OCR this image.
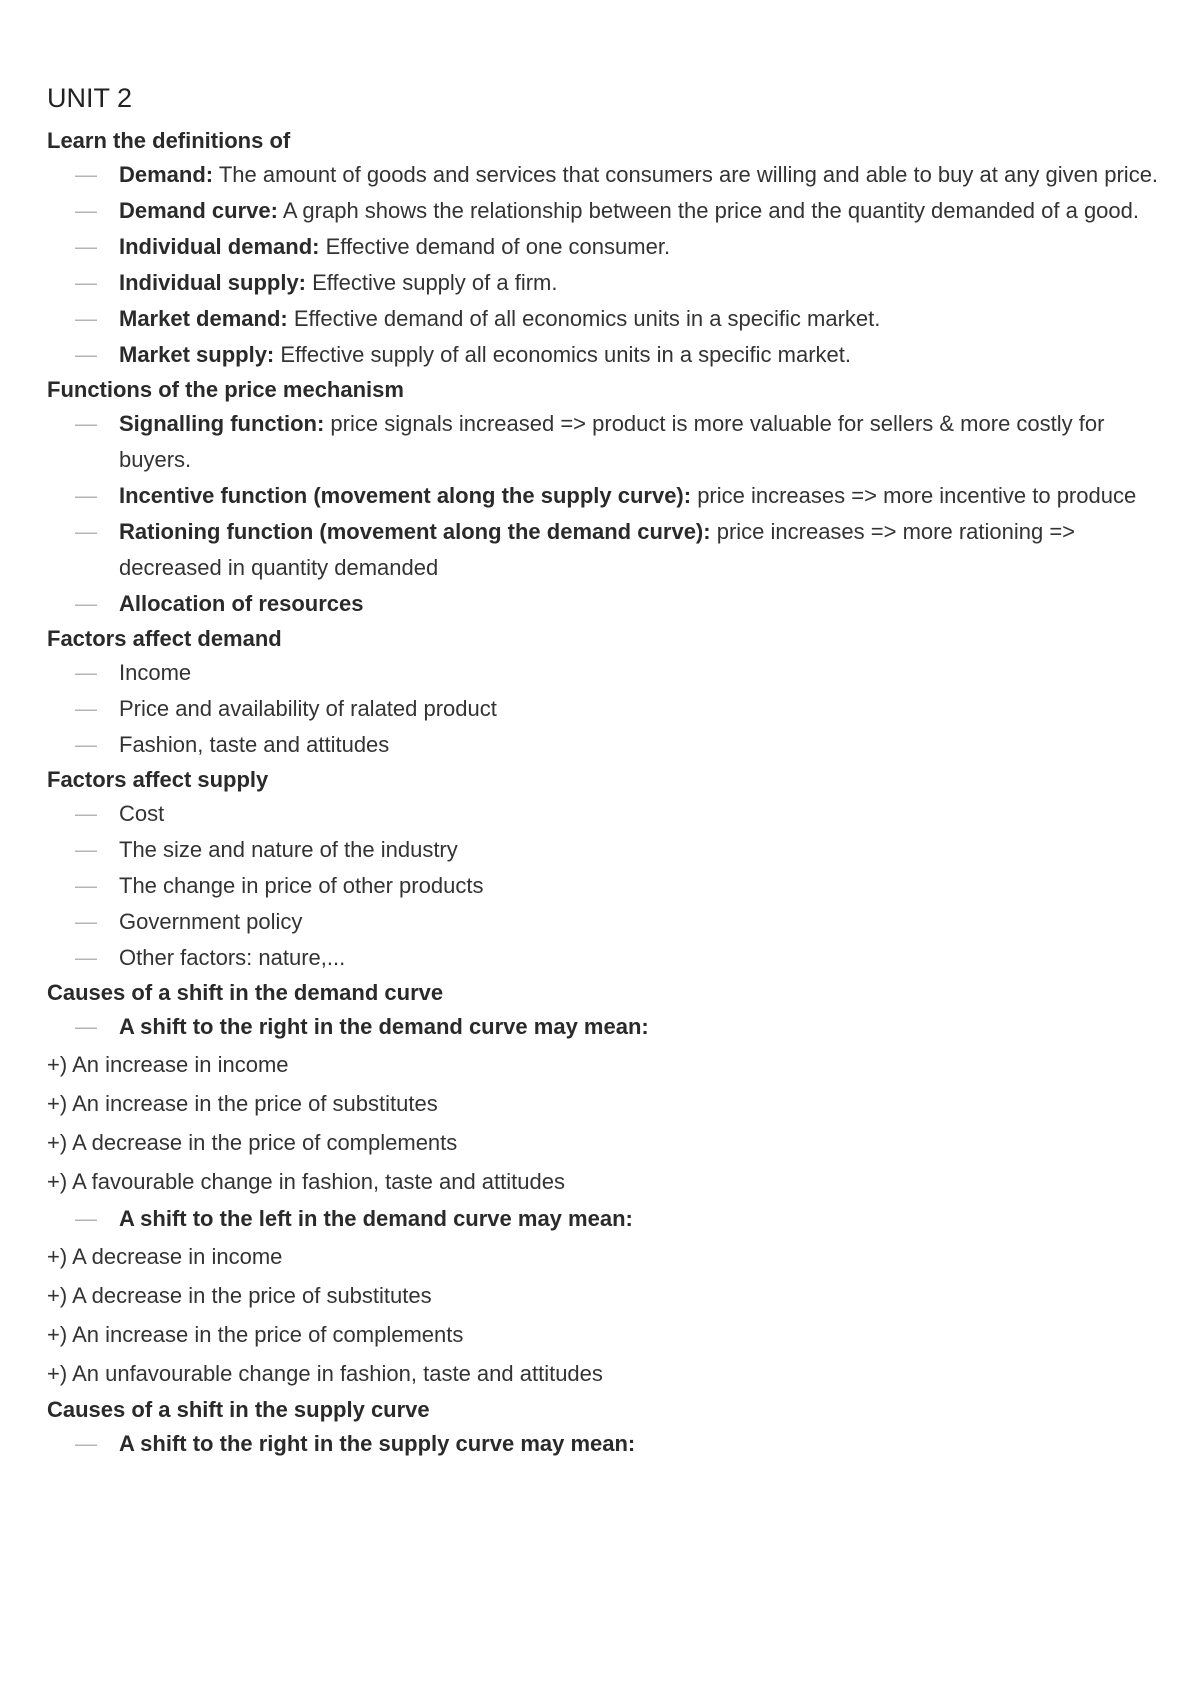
UNIT 2
Learn the definitions of
— Demand: The amount of goods and services that consumers are willing and able to buy at any given price.
— Demand curve: A graph shows the relationship between the price and the quantity demanded of a good.
— Individual demand: Effective demand of one consumer.
— Individual supply: Effective supply of a firm.
— Market demand: Effective demand of all economics units in a specific market.
— Market supply: Effective supply of all economics units in a specific market.
Functions of the price mechanism
— Signalling function: price signals increased => product is more valuable for sellers & more costly for buyers.
— Incentive function (movement along the supply curve): price increases => more incentive to produce
— Rationing function (movement along the demand curve): price increases => more rationing => decreased in quantity demanded
— Allocation of resources
Factors affect demand
— Income
— Price and availability of ralated product
— Fashion, taste and attitudes
Factors affect supply
— Cost
— The size and nature of the industry
— The change in price of other products
— Government policy
— Other factors: nature,...
Causes of a shift in the demand curve
— A shift to the right in the demand curve may mean:

+) An increase in income

+) An increase in the price of substitutes

+) A decrease in the price of complements

+) A favourable change in fashion, taste and attitudes

— A shift to the left in the demand curve may mean:

+) A decrease in income

+) A decrease in the price of substitutes

+) An increase in the price of complements

+) An unfavourable change in fashion, taste and attitudes

Causes of a shift in the supply curve
— A shift to the right in the supply curve may mean:
